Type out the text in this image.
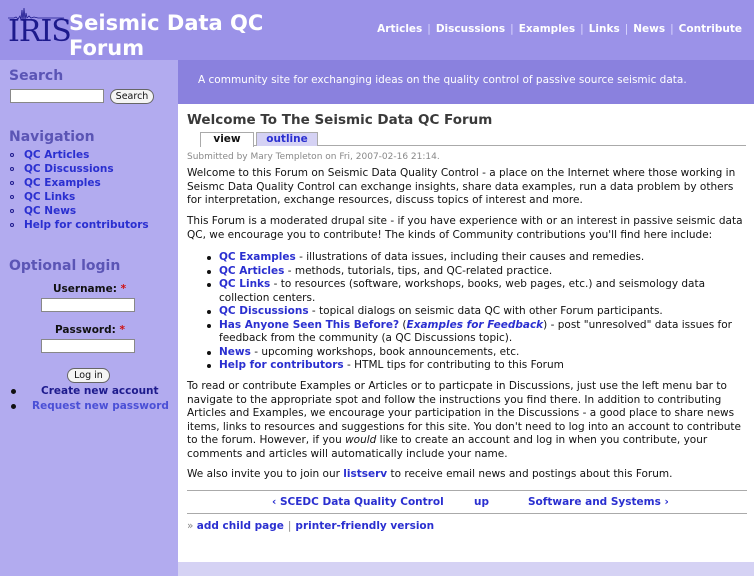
IRIS
Seismic Data QC
Forum
Articles | Discussions | Examples | Links | News | Contribute
Search
Search
Navigation
QC Articles
QC Discussions
QC Examples
QC Links
QC News
Help for contributors
Optional login
Username: *
Password: *
Log in
Create new account
Request new password
A community site for exchanging ideas on the quality control of passive source seismic data.
Welcome To The Seismic Data QC Forum
view	outline
Submitted by Mary Templeton on Fri, 2007-02-16 21:14.
Welcome to this Forum on Seismic Data Quality Control - a place on the Internet where those working in Seismc Data Quality Control can exchange insights, share data examples, run a data problem by others for interpretation, exchange resources, discuss topics of interest and more.
This Forum is a moderated drupal site - if you have experience with or an interest in passive seismic data QC, we encourage you to contribute! The kinds of Community contributions you'll find here include:
QC Examples - illustrations of data issues, including their causes and remedies.
QC Articles - methods, tutorials, tips, and QC-related practice.
QC Links - to resources (software, workshops, books, web pages, etc.) and seismology data collection centers.
QC Discussions - topical dialogs on seismic data QC with other Forum participants.
Has Anyone Seen This Before? (Examples for Feedback) - post "unresolved" data issues for feedback from the community (a QC Discussions topic).
News - upcoming workshops, book announcements, etc.
Help for contributors - HTML tips for contributing to this Forum
To read or contribute Examples or Articles or to particpate in Discussions, just use the left menu bar to navigate to the appropriate spot and follow the instructions you find there. In addition to contributing Articles and Examples, we encourage your participation in the Discussions - a good place to share news items, links to resources and suggestions for this site. You don't need to log into an account to contribute to the forum. However, if you would like to create an account and log in when you contribute, your comments and articles will automatically include your name.
We also invite you to join our listserv to receive email news and postings about this Forum.
‹ SCEDC Data Quality Control	up	Software and Systems ›
» add child page | printer-friendly version
